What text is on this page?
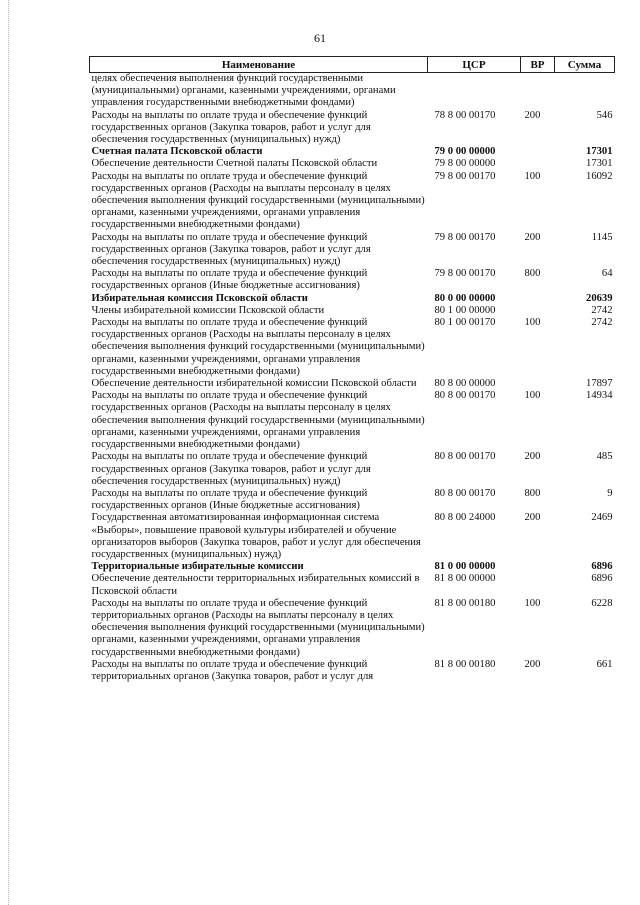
61
Наименование	ЦСР	ВР	Сумма
целях обеспечения выполнения функций государственными (муниципальными) органами, казенными учреждениями, органами управления государственными внебюджетными фондами)			
Расходы на выплаты по оплате труда и обеспечение функций государственных органов (Закупка товаров, работ и услуг для обеспечения государственных (муниципальных) нужд)	78 8 00 00170	200	546
Счетная палата Псковской области	79 0 00 00000		17301
Обеспечение деятельности Счетной палаты Псковской области	79 8 00 00000		17301
Расходы на выплаты по оплате труда и обеспечение функций государственных органов (Расходы на выплаты персоналу в целях обеспечения выполнения функций государственными (муниципальными) органами, казенными учреждениями, органами управления государственными внебюджетными фондами)	79 8 00 00170	100	16092
Расходы на выплаты по оплате труда и обеспечение функций государственных органов (Закупка товаров, работ и услуг для обеспечения государственных (муниципальных) нужд)	79 8 00 00170	200	1145
Расходы на выплаты по оплате труда и обеспечение функций государственных органов (Иные бюджетные ассигнования)	79 8 00 00170	800	64
Избирательная комиссия Псковской области	80 0 00 00000		20639
Члены избирательной комиссии Псковской области	80 1 00 00000		2742
Расходы на выплаты по оплате труда и обеспечение функций государственных органов (Расходы на выплаты персоналу в целях обеспечения выполнения функций государственными (муниципальными) органами, казенными учреждениями, органами управления государственными внебюджетными фондами)	80 1 00 00170	100	2742
Обеспечение деятельности избирательной комиссии Псковской области	80 8 00 00000		17897
Расходы на выплаты по оплате труда и обеспечение функций государственных органов (Расходы на выплаты персоналу в целях обеспечения выполнения функций государственными (муниципальными) органами, казенными учреждениями, органами управления государственными внебюджетными фондами)	80 8 00 00170	100	14934
Расходы на выплаты по оплате труда и обеспечение функций государственных органов (Закупка товаров, работ и услуг для обеспечения государственных (муниципальных) нужд)	80 8 00 00170	200	485
Расходы на выплаты по оплате труда и обеспечение функций государственных органов (Иные бюджетные ассигнования)	80 8 00 00170	800	9
Государственная автоматизированная информационная система «Выборы», повышение правовой культуры избирателей и обучение организаторов выборов (Закупка товаров, работ и услуг для обеспечения государственных (муниципальных) нужд)	80 8 00 24000	200	2469
Территориальные избирательные комиссии	81 0 00 00000		6896
Обеспечение деятельности территориальных избирательных комиссий в Псковской области	81 8 00 00000		6896
Расходы на выплаты по оплате труда и обеспечение функций территориальных органов (Расходы на выплаты персоналу в целях обеспечения выполнения функций государственными (муниципальными) органами, казенными учреждениями, органами управления государственными внебюджетными фондами)	81 8 00 00180	100	6228
Расходы на выплаты по оплате труда и обеспечение функций территориальных органов (Закупка товаров, работ и услуг для	81 8 00 00180	200	661
